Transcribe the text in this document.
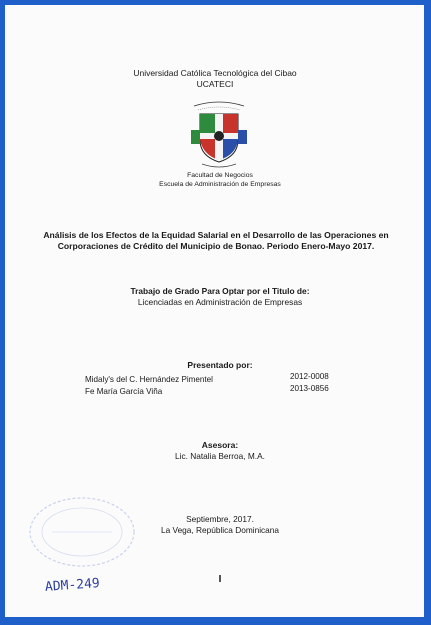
Universidad Católica Tecnológica del Cibao
UCATECI
Facultad de Negocios
Escuela de Administración de Empresas
Análisis de los Efectos de la Equidad Salarial en el Desarrollo de las Operaciones en Corporaciones de Crédito del Municipio de Bonao. Periodo Enero-Mayo 2017.
Trabajo de Grado Para Optar por el Titulo de:
Licenciadas en Administración de Empresas
Presentado por:
Midaly's del C. Hernández Pimentel	2012-0008
Fe María García Viña	2013-0856
Asesora:
Lic. Natalia Berroa, M.A.
Septiembre, 2017.
La Vega, República Dominicana
ADM-249
